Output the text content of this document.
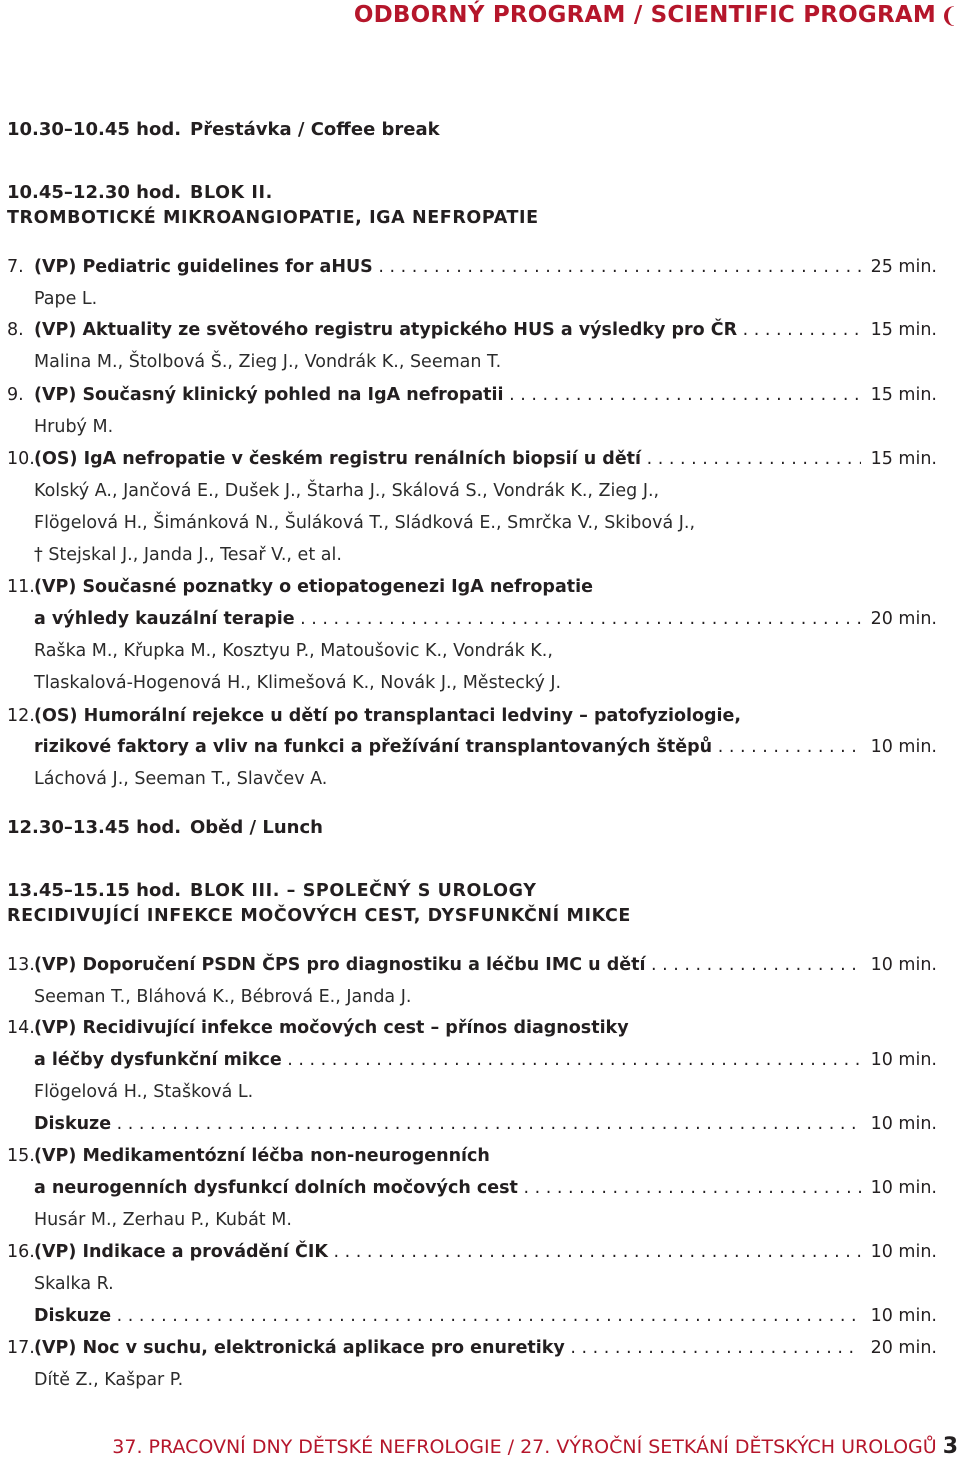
ODBORNÝ PROGRAM / SCIENTIFIC PROGRAM ❨
10.30–10.45 hod. Přestávka / Coffee break
10.45–12.30 hod. BLOK II.
TROMBOTICKÉ MIKROANGIOPATIE, IGA NEFROPATIE
7. (VP) Pediatric guidelines for aHUS . . .	25 min.
Pape L.
8. (VP) Aktuality ze světového registru atypického HUS a výsledky pro ČR . . .	15 min.
Malina M., Štolbová Š., Zieg J., Vondrák K., Seeman T.
9. (VP) Současný klinický pohled na IgA nefropatii . . .	15 min.
Hrubý M.
10. (OS) IgA nefropatie v českém registru renálních biopsií u dětí . . .	15 min.
Kolský A., Jančová E., Dušek J., Štarha J., Skálová S., Vondrák K., Zieg J.,
Flögelová H., Šimánková N., Šuláková T., Sládková E., Smrčka V., Skibová J.,
† Stejskal J., Janda J., Tesař V., et al.
11. (VP) Současné poznatky o etiopatogenezi IgA nefropatie
a výhledy kauzální terapie . . .	20 min.
Raška M., Křupka M., Kosztyu P., Matoušovic K., Vondrák K.,
Tlaskalová-Hogenová H., Klimešová K., Novák J., Městecký J.
12. (OS) Humorální rejekce u dětí po transplantaci ledviny – patofyziologie,
rizikové faktory a vliv na funkci a přežívání transplantovaných štěpů . . .	10 min.
Láchová J., Seeman T., Slavčev A.
12.30–13.45 hod. Oběd / Lunch
13.45–15.15 hod. BLOK III. – SPOLEČNÝ S UROLOGY
RECIDIVUJÍCÍ INFEKCE MOČOVÝCH CEST, DYSFUNKČNÍ MIKCE
13. (VP) Doporučení PSDN ČPS pro diagnostiku a léčbu IMC u dětí . . .	10 min.
Seeman T., Bláhová K., Bébrová E., Janda J.
14. (VP) Recidivující infekce močových cest – přínos diagnostiky
a léčby dysfunkční mikce . . .	10 min.
Flögelová H., Stašková L.
Diskuze . . .	10 min.
15. (VP) Medikamentózní léčba non-neurogenních
a neurogenních dysfunkcí dolních močových cest . . .	10 min.
Husár M., Zerhau P., Kubát M.
16. (VP) Indikace a provádění ČIK . . .	10 min.
Skalka R.
Diskuze . . .	10 min.
17. (VP) Noc v suchu, elektronická aplikace pro enuretiky . . .	20 min.
Dítě Z., Kašpar P.
37. PRACOVNÍ DNY DĚTSKÉ NEFROLOGIE / 27. VÝROČNÍ SETKÁNÍ DĚTSKÝCH UROLOGŮ 3
